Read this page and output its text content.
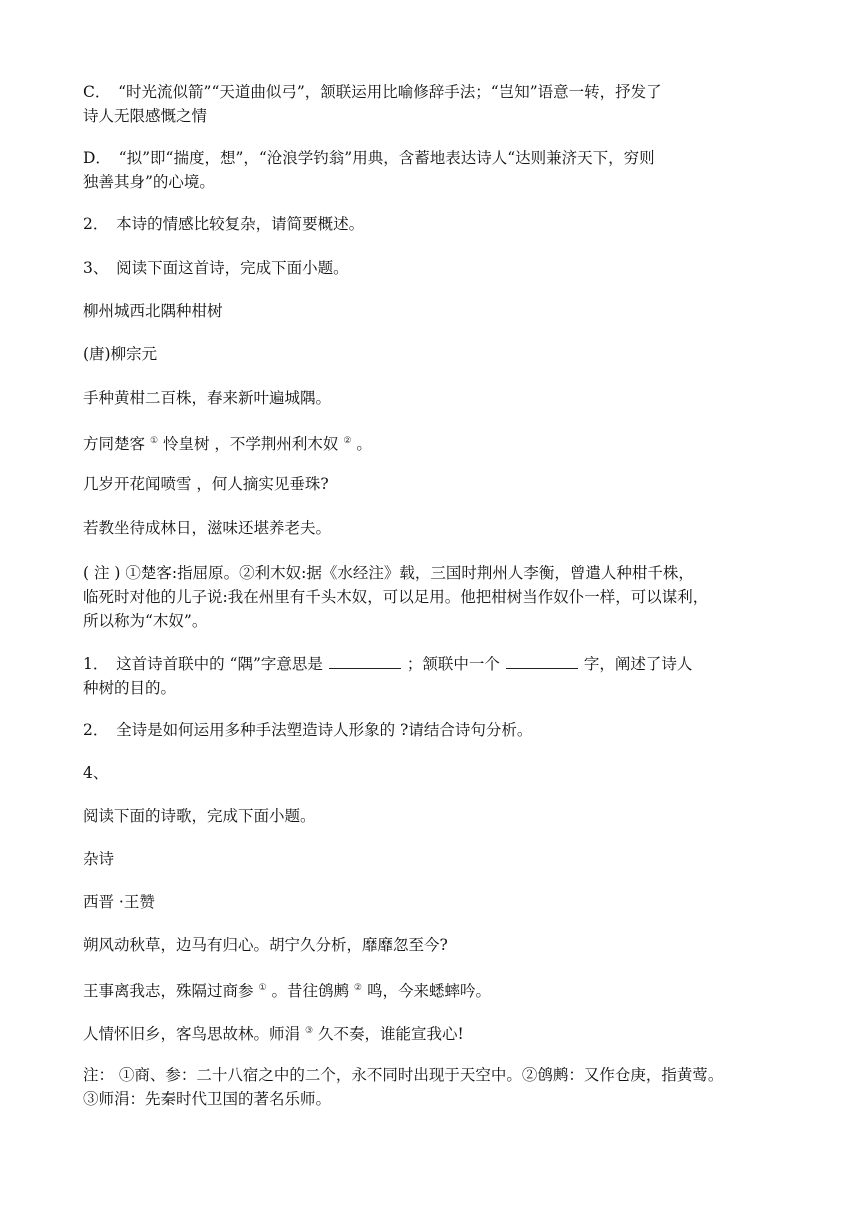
C．　“时光流似箭”“天道曲似弓”，颔联运用比喻修辞手法；“岂知”语意一转，抒发了

诗人无限感慨之情

D．　“拟”即“揣度，想”，“沧浪学钓翁”用典，含蓄地表达诗人“达则兼济天下，穷则

独善其身”的心境。

2．　本诗的情感比较复杂，请简要概述。

3、　阅读下面这首诗，完成下面小题。

柳州城西北隅种柑树

(唐)柳宗元

手种黄柑二百株，春来新叶遍城隅。

方同楚客 ① 怜皇树 ，不学荆州利木奴 ② 。

几岁开花闻喷雪 ，何人摘实见垂珠?

若教坐待成林日，滋味还堪养老夫。

( 注 ) ①楚客:指屈原。②利木奴:据《水经注》载，三国时荆州人李衡，曾遣人种柑千株，

临死时对他的儿子说:我在州里有千头木奴，可以足用。他把柑树当作奴仆一样，可以谋利，

所以称为“木奴”。

1．　这首诗首联中的 “隅”字意思是	；颔联中一个	字，阐述了诗人

种树的目的。

2．　全诗是如何运用多种手法塑造诗人形象的 ?请结合诗句分析。

4、

阅读下面的诗歌，完成下面小题。

杂诗

西晋 ·王赞

朔风动秋草，边马有归心。胡宁久分析，靡靡忽至今?

王事离我志，殊隔过商参 ① 。昔往鸧鹒 ② 鸣，今来蟋蟀吟。

人情怀旧乡，客鸟思故林。师涓 ③ 久不奏，谁能宣我心!

注： ①商、参：二十八宿之中的二个，永不同时出现于天空中。②鸧鹒：又作仓庚，指黄莺。

③师涓：先秦时代卫国的著名乐师。
